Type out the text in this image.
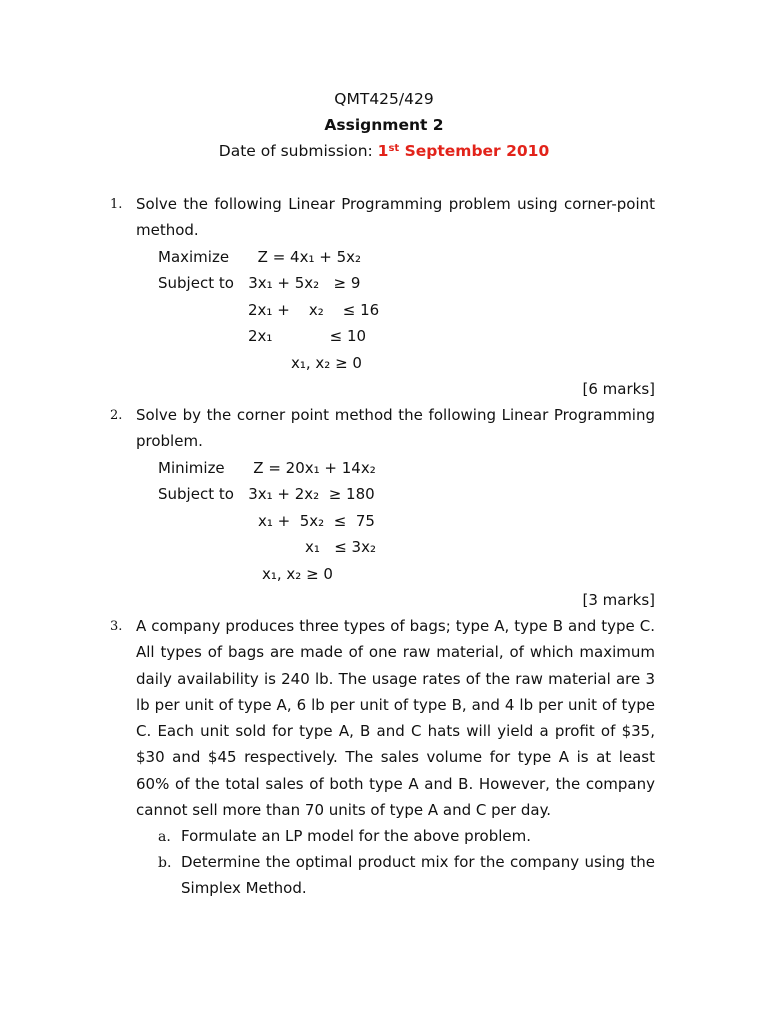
QMT425/429
Assignment 2
Date of submission: 1st September 2010
1. Solve the following Linear Programming problem using corner-point method.
Maximize      Z = 4x₁ + 5x₂
Subject to   3x₁ + 5x₂   ≥ 9
2x₁ +    x₂    ≤ 16
2x₁            ≤ 10
x₁, x₂ ≥ 0
[6 marks]
2. Solve by the corner point method the following Linear Programming problem.
Minimize      Z = 20x₁ + 14x₂
Subject to   3x₁ + 2x₂  ≥ 180
x₁ +  5x₂  ≤  75
x₁   ≤ 3x₂
x₁, x₂ ≥ 0
[3 marks]
3. A company produces three types of bags; type A, type B and type C. All types of bags are made of one raw material, of which maximum daily availability is 240 lb. The usage rates of the raw material are 3 lb per unit of type A, 6 lb per unit of type B, and 4 lb per unit of type C. Each unit sold for type A, B and C hats will yield a profit of $35, $30 and $45 respectively. The sales volume for type A is at least 60% of the total sales of both type A and B. However, the company cannot sell more than 70 units of type A and C per day.
a. Formulate an LP model for the above problem.
b. Determine the optimal product mix for the company using the Simplex Method.
